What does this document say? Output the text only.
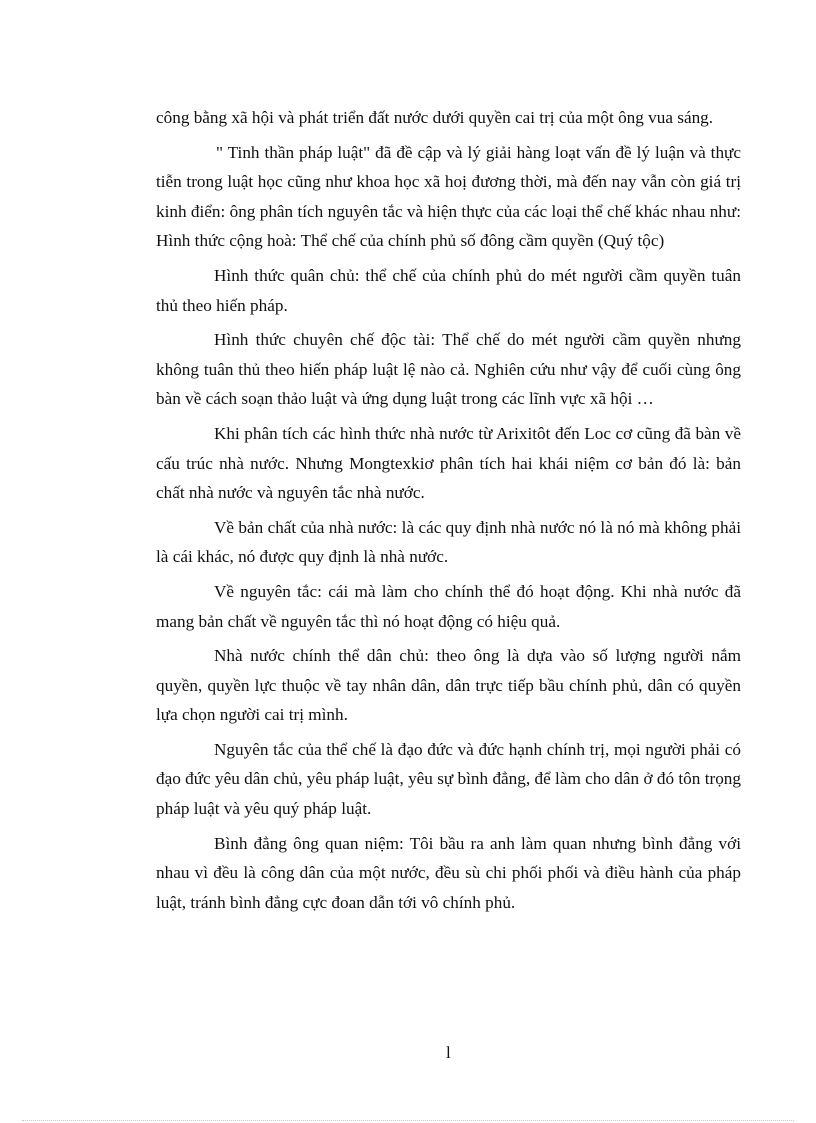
công bằng xã hội và phát triển đất nước dưới quyền cai trị của một ông vua sáng.

" Tinh thần pháp luật" đã đề cập và lý giải hàng loạt vấn đề lý luận và thực tiễn trong luật học cũng như khoa học xã hoị đương thời, mà đến nay vẫn còn giá trị kinh điển: ông phân tích nguyên tắc và hiện thực của các loại thể chế khác nhau như: Hình thức cộng hoà: Thể chế của chính phủ số đông cầm quyền (Quý tộc)

Hình thức quân chủ: thể chế của chính phủ do mét người cầm quyền tuân thủ theo hiến pháp.

Hình thức chuyên chế độc tài: Thể chế do mét người cầm quyền nhưng không tuân thủ theo hiến pháp luật lệ nào cả. Nghiên cứu như vậy để cuối cùng ông bàn về cách soạn thảo luật và ứng dụng luật trong các lĩnh vực xã hội …

Khi phân tích các hình thức nhà nước từ Arixitôt đến Loc cơ cũng đã bàn về cấu trúc nhà nước. Nhưng Mongtexkiơ phân tích hai khái niệm cơ bản đó là: bản chất nhà nước và nguyên tắc nhà nước.

Về bản chất của nhà nước: là các quy định nhà nước nó là nó mà không phải là cái khác, nó được quy định là nhà nước.

Về nguyên tắc: cái mà làm cho chính thể đó hoạt động. Khi nhà nước đã mang bản chất về nguyên tắc thì nó hoạt động có hiệu quả.

Nhà nước chính thể dân chủ: theo ông là dựa vào số lượng người nắm quyền, quyền lực thuộc về tay nhân dân, dân trực tiếp bầu chính phủ, dân có quyền lựa chọn người cai trị mình.

Nguyên tắc của thể chế là đạo đức và đức hạnh chính trị, mọi người phải có đạo đức yêu dân chủ, yêu pháp luật, yêu sự bình đẳng, để làm cho dân ở đó tôn trọng pháp luật và yêu quý pháp luật.

Bình đẳng ông quan niệm: Tôi bầu ra anh làm quan nhưng bình đẳng với nhau vì đều là công dân của một nước, đều sù chi phối phối và điều hành của pháp luật, tránh bình đẳng cực đoan dẫn tới vô chính phủ.

l
